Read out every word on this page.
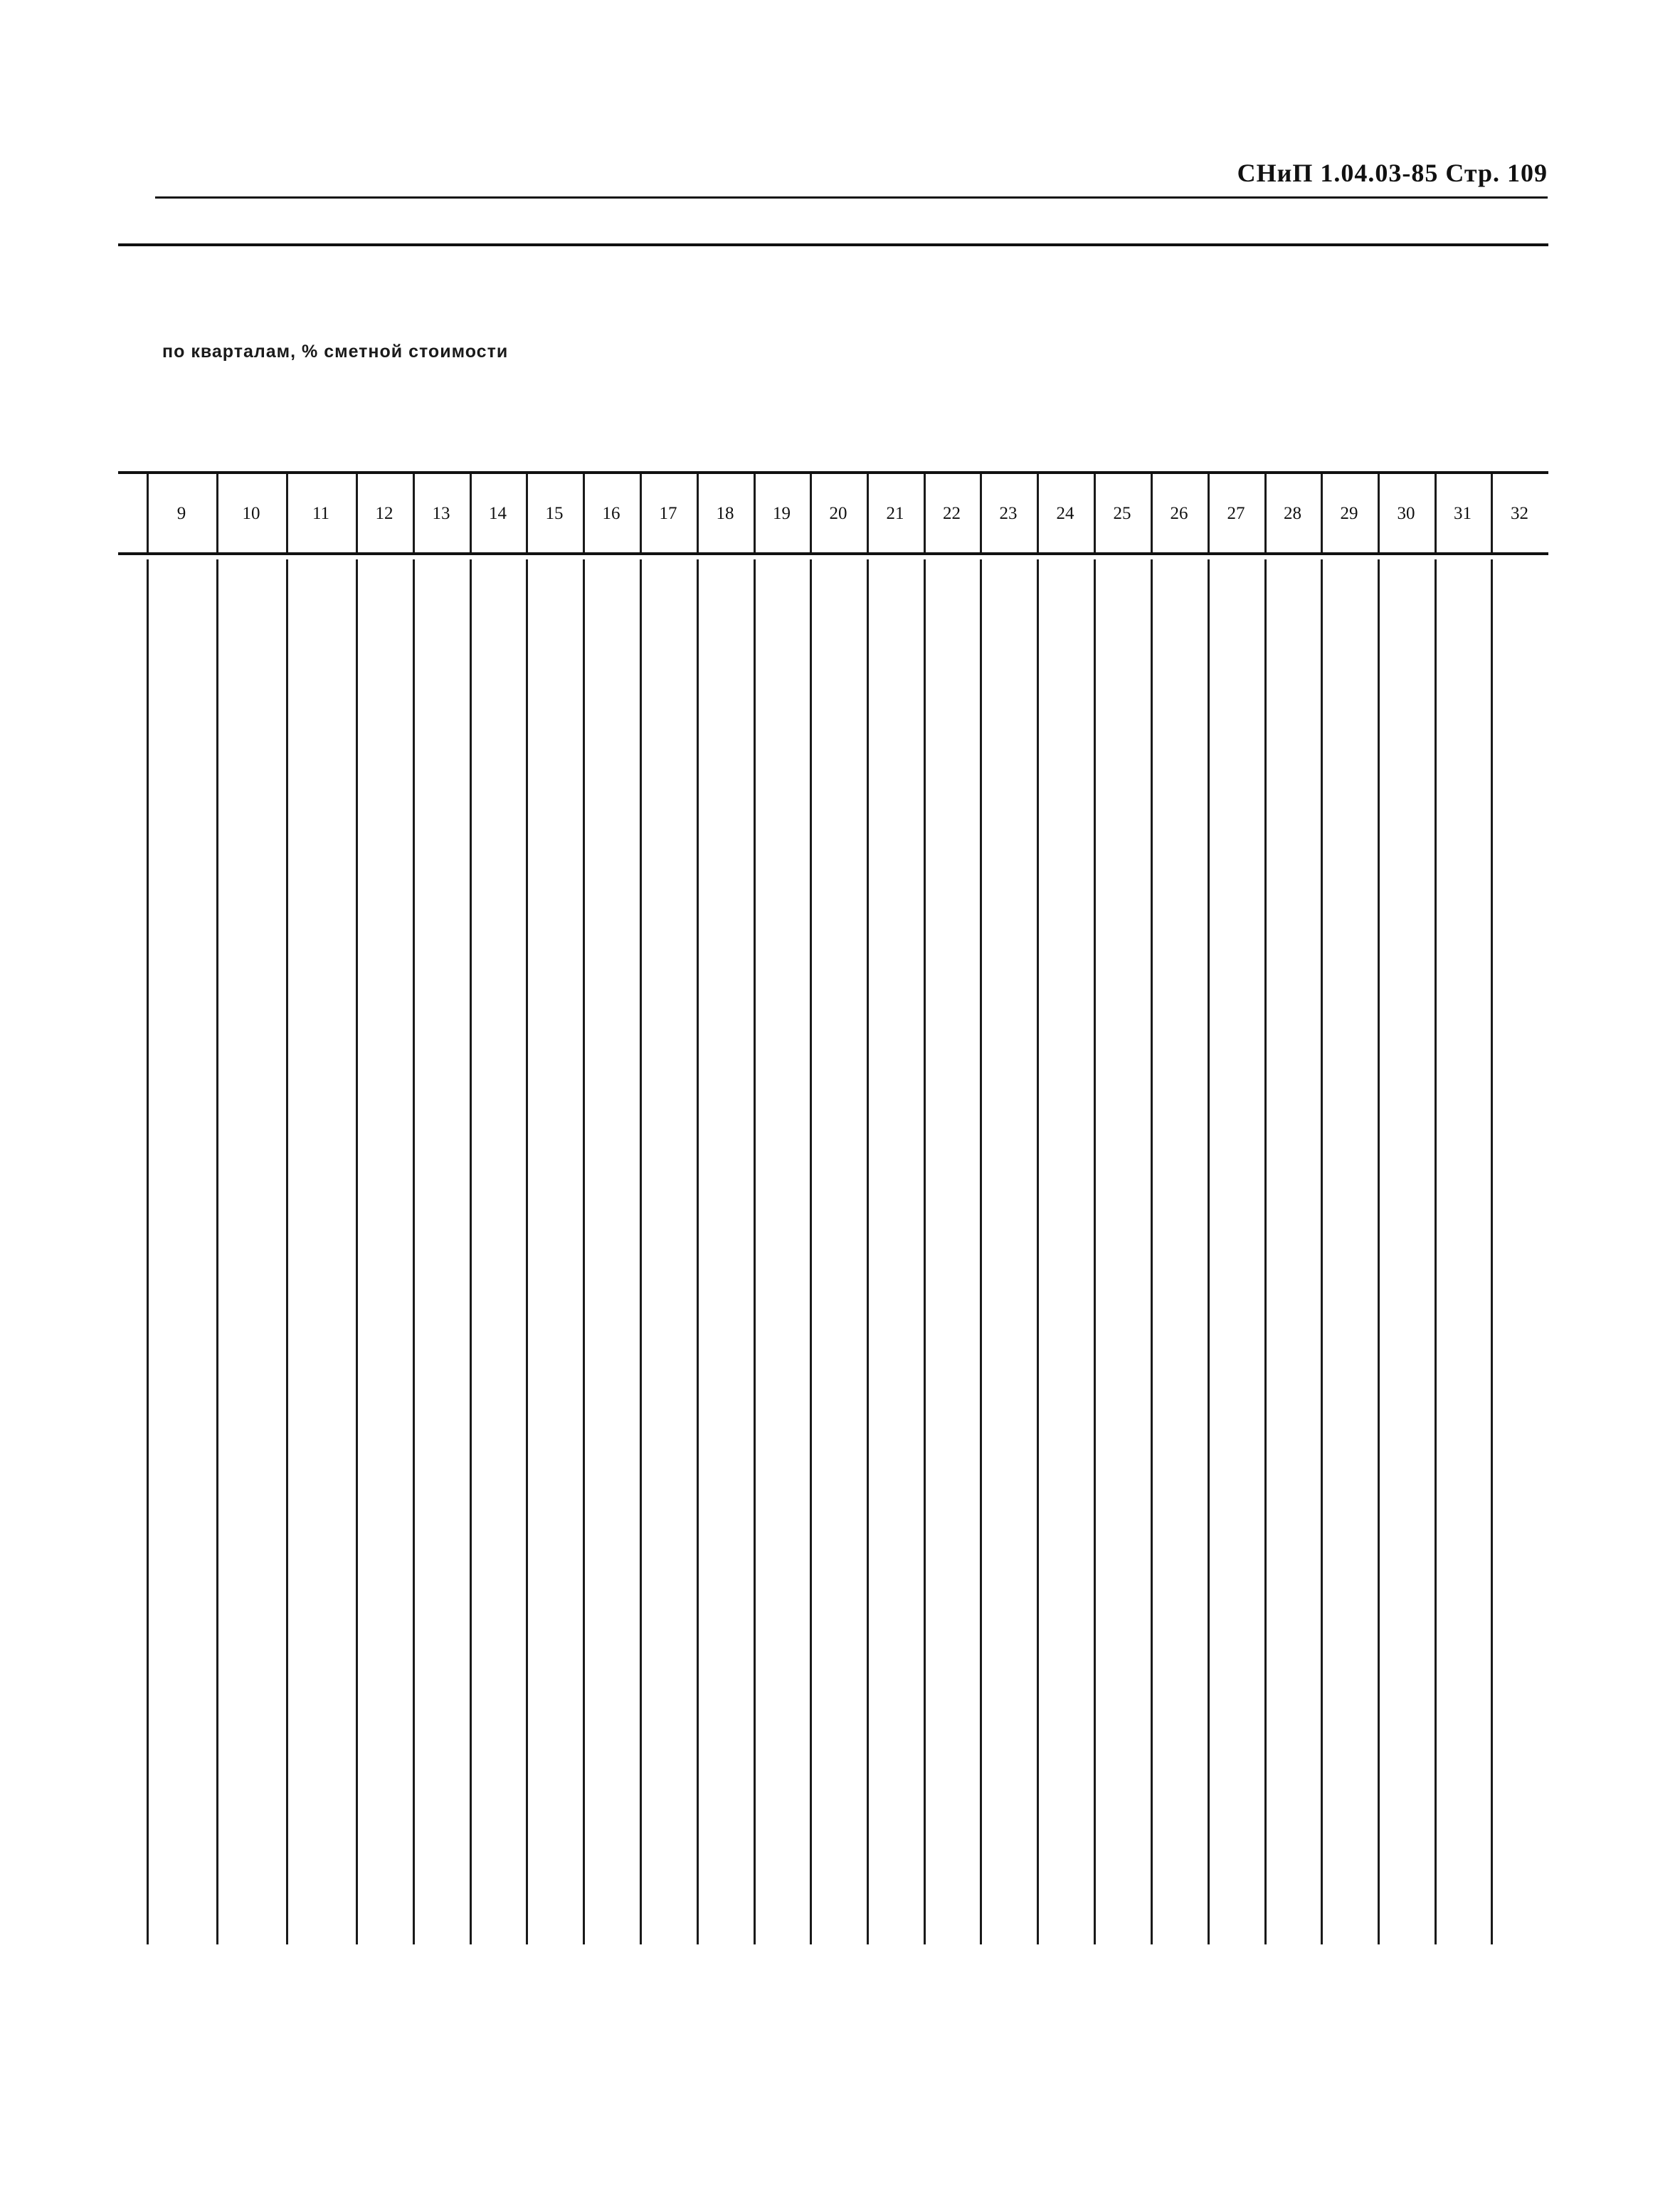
СНиП 1.04.03-85 Стр. 109
по кварталам, % сметной стоимости
9	10	11	12	13	14	15	16	17	18	19	20	21	22	23	24	25	26	27	28	29	30	31	32
